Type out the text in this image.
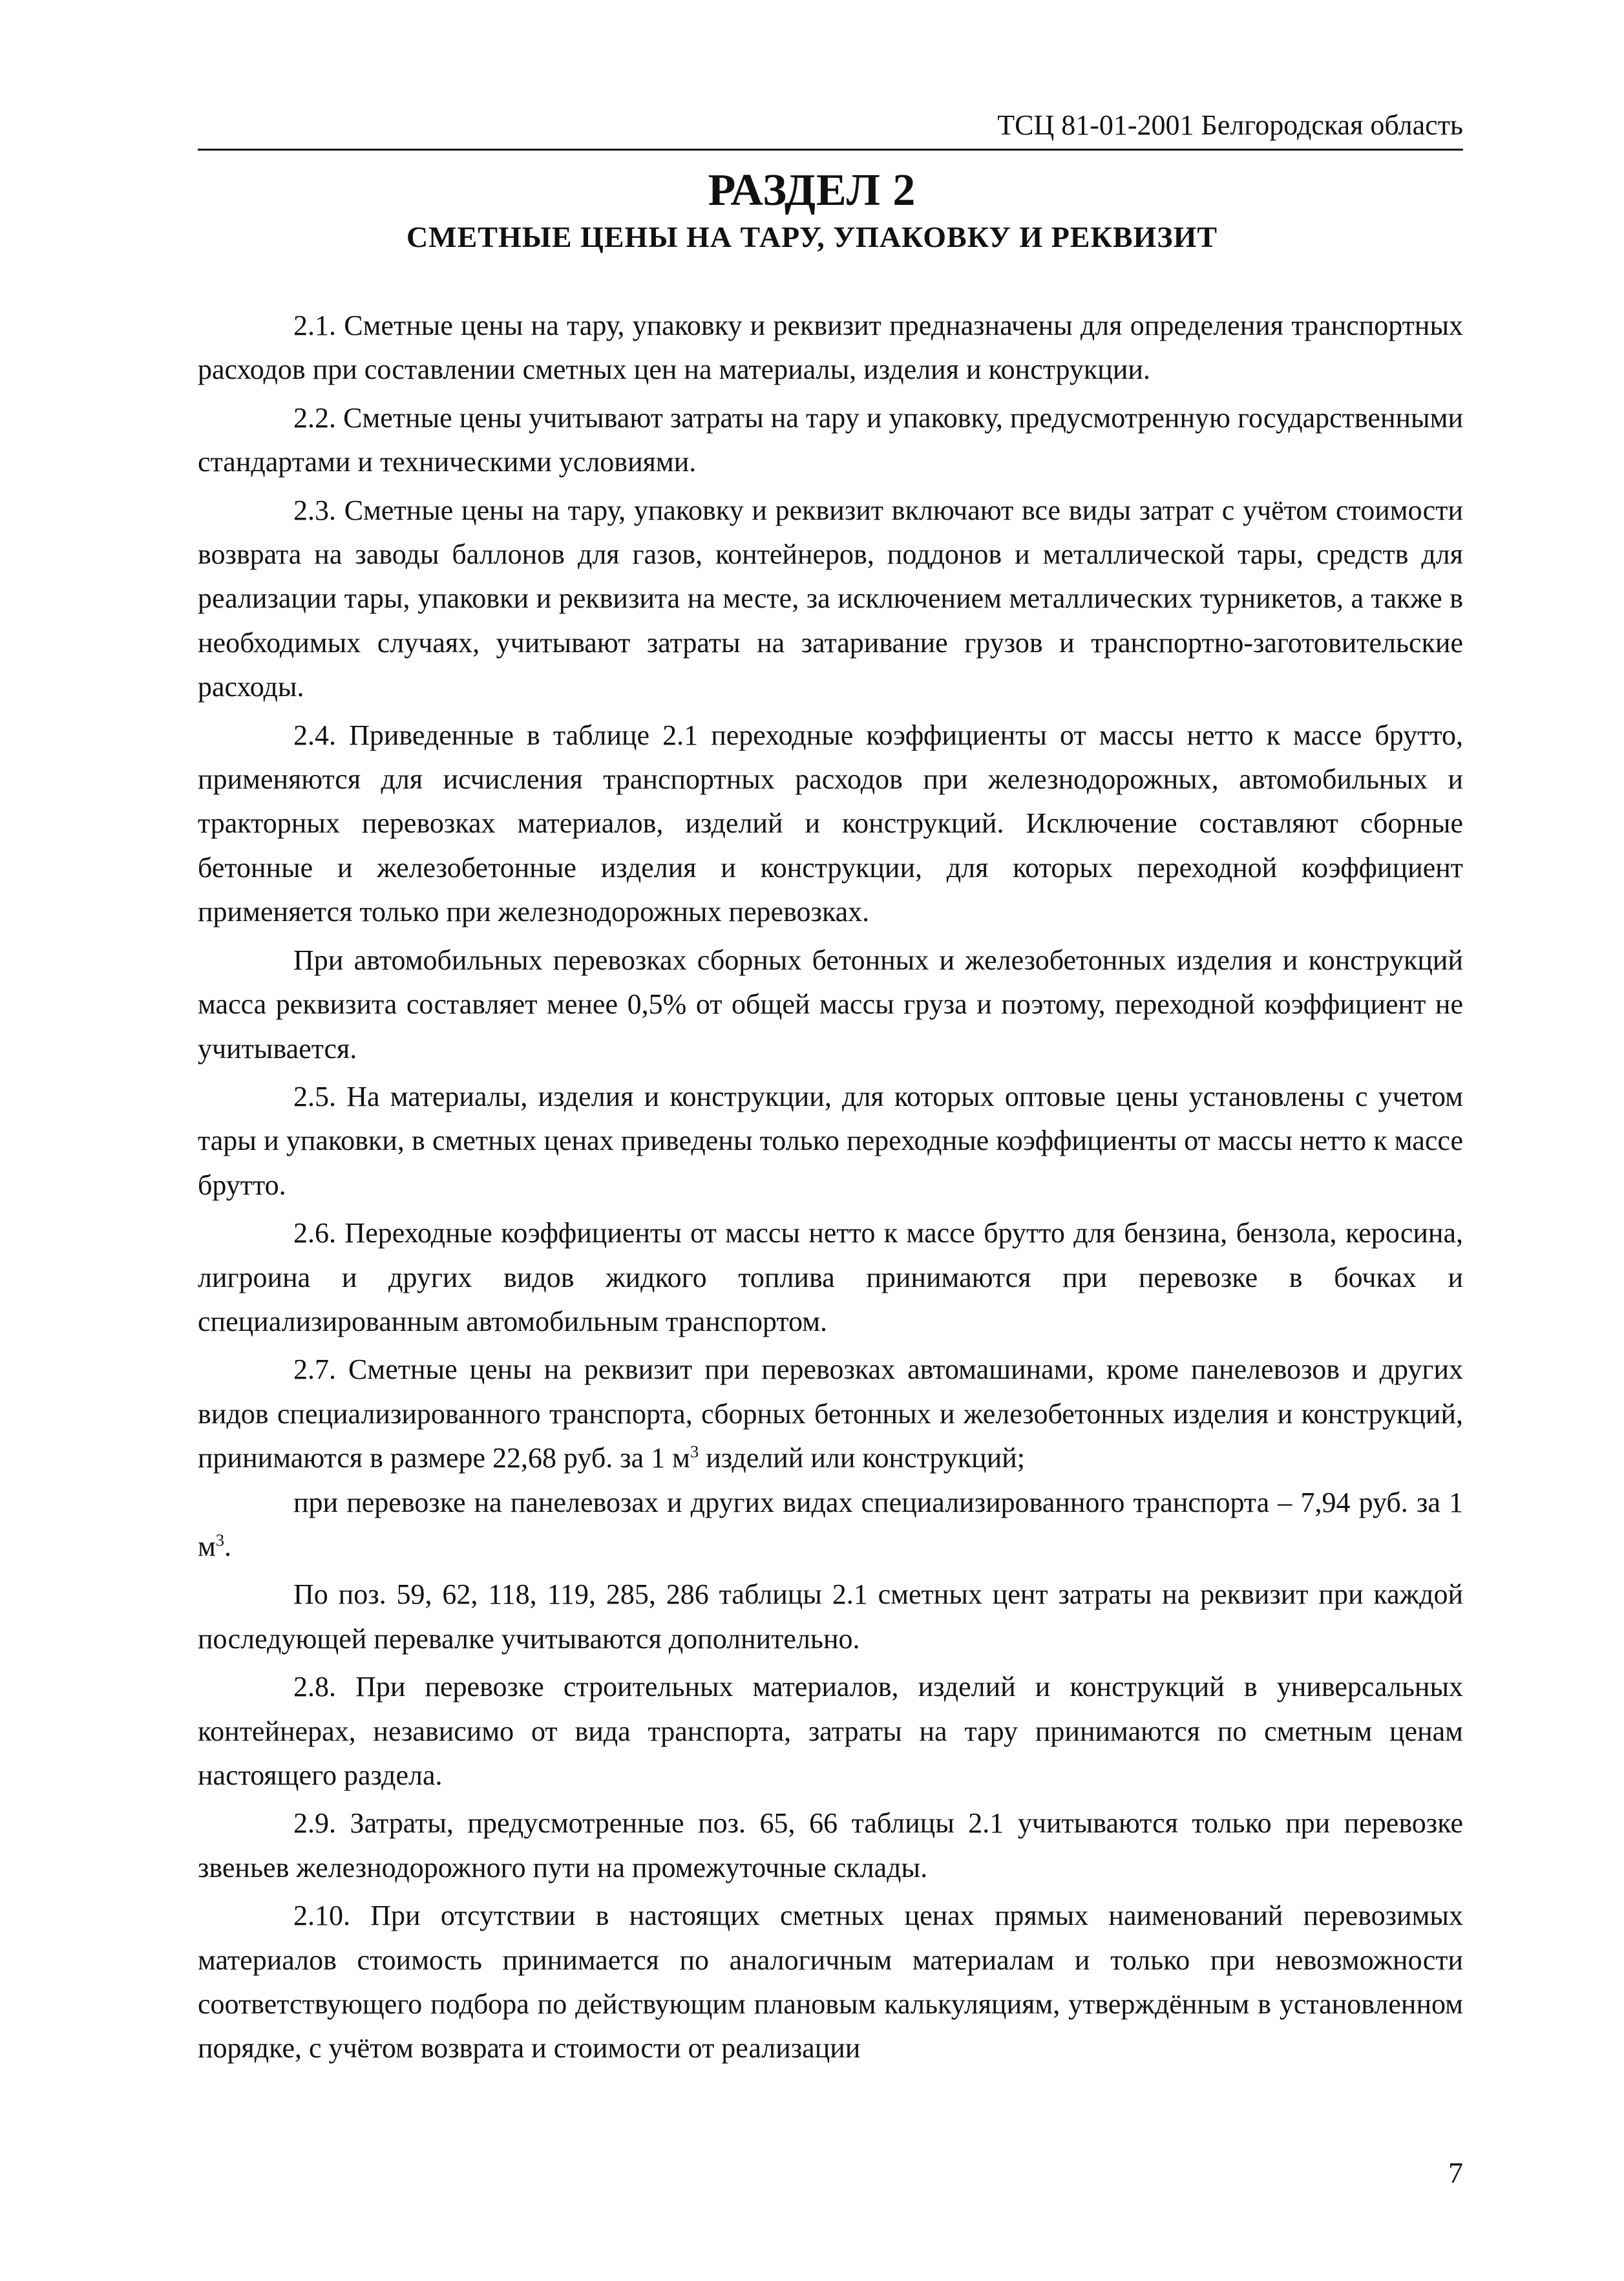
ТСЦ 81-01-2001 Белгородская область
РАЗДЕЛ 2
СМЕТНЫЕ ЦЕНЫ НА ТАРУ, УПАКОВКУ И РЕКВИЗИТ

2.1. Сметные цены на тару, упаковку и реквизит предназначены для определения транспортных расходов при составлении сметных цен на материалы, изделия и конструкции.

2.2. Сметные цены учитывают затраты на тару и упаковку, предусмотренную государственными стандартами и техническими условиями.

2.3. Сметные цены на тару, упаковку и реквизит включают все виды затрат с учётом стоимости возврата на заводы баллонов для газов, контейнеров, поддонов и металлической тары, средств для реализации тары, упаковки и реквизита на месте, за исключением металлических турникетов, а также в необходимых случаях, учитывают затраты на затаривание грузов и транспортно-заготовительские расходы.

2.4. Приведенные в таблице 2.1 переходные коэффициенты от массы нетто к массе брутто, применяются для исчисления транспортных расходов при железнодорожных, автомобильных и тракторных перевозках материалов, изделий и конструкций. Исключение составляют сборные бетонные и железобетонные изделия и конструкции, для которых переходной коэффициент применяется только при железнодорожных перевозках.

При автомобильных перевозках сборных бетонных и железобетонных изделия и конструкций масса реквизита составляет менее 0,5% от общей массы груза и поэтому, переходной коэффициент не учитывается.

2.5. На материалы, изделия и конструкции, для которых оптовые цены установлены с учетом тары и упаковки, в сметных ценах приведены только переходные коэффициенты от массы нетто к массе брутто.

2.6. Переходные коэффициенты от массы нетто к массе брутто для бензина, бензола, керосина, лигроина и других видов жидкого топлива принимаются при перевозке в бочках и специализированным автомобильным транспортом.

2.7. Сметные цены на реквизит при перевозках автомашинами, кроме панелевозов и других видов специализированного транспорта, сборных бетонных и железобетонных изделия и конструкций, принимаются в размере 22,68 руб. за 1 $м^3$ изделий или конструкций;

при перевозке на панелевозах и других видах специализированного транспорта – 7,94 руб. за 1 $м^3$.

По поз. 59, 62, 118, 119, 285, 286 таблицы 2.1 сметных цент затраты на реквизит при каждой последующей перевалке учитываются дополнительно.

2.8. При перевозке строительных материалов, изделий и конструкций в универсальных контейнерах, независимо от вида транспорта, затраты на тару принимаются по сметным ценам настоящего раздела.

2.9. Затраты, предусмотренные поз. 65, 66 таблицы 2.1 учитываются только при перевозке звеньев железнодорожного пути на промежуточные склады.

2.10. При отсутствии в настоящих сметных ценах прямых наименований перевозимых материалов стоимость принимается по аналогичным материалам и только при невозможности соответствующего подбора по действующим плановым калькуляциям, утверждённым в установленном порядке, с учётом возврата и стоимости от реализации

7
